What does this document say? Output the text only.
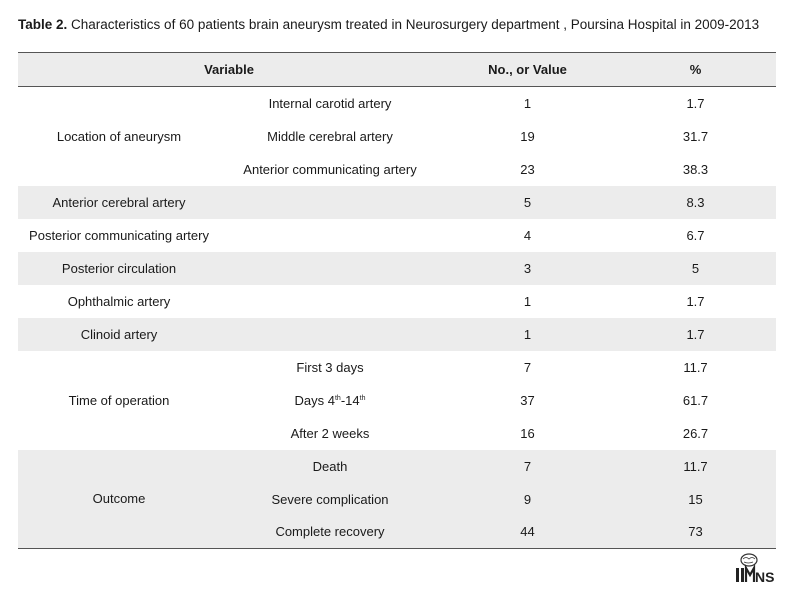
Table 2. Characteristics of 60 patients brain aneurysm treated in Neurosurgery department , Poursina Hospital in 2009-2013
Variable		No., or Value	%
Location of aneurysm	Internal carotid artery	1	1.7
	Middle cerebral artery	19	31.7
	Anterior communicating artery	23	38.3
Anterior cerebral artery		5	8.3
Posterior communicating artery		4	6.7
Posterior circulation		3	5
Ophthalmic artery		1	1.7
Clinoid artery		1	1.7
Time of operation	First 3 days	7	11.7
	Days 4th-14th	37	61.7
	After 2 weeks	16	26.7
Outcome	Death	7	11.7
	Severe complication	9	15
	Complete recovery	44	73
NS
